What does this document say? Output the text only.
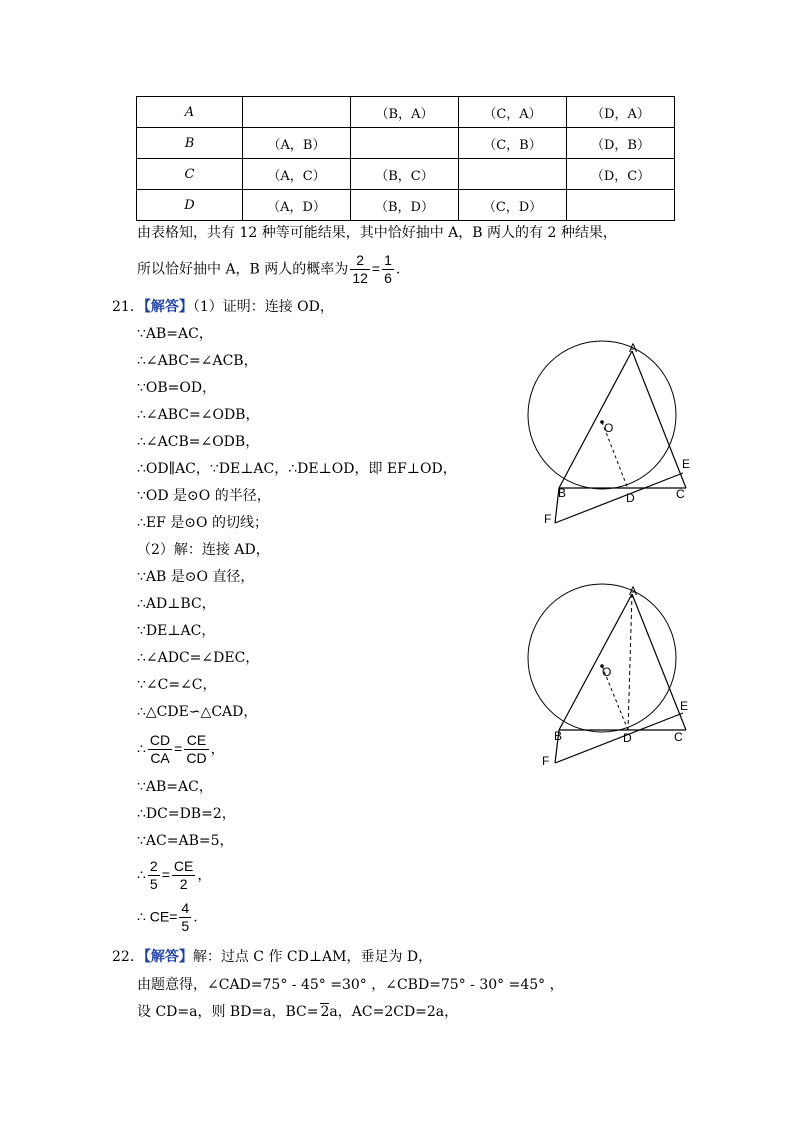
A		（B，A）	（C，A）	（D，A）
B	（A，B）		（C，B）	（D，B）
C	（A，C）	（B，C）		（D，C）
D	（A，D）	（B，D）	（C，D）	
由表格知，共有 12 种等可能结果，其中恰好抽中 A，B 两人的有 2 种结果，
所以恰好抽中 A，B 两人的概率为 $\frac{2}{12} = \frac{1}{6}$ .
21．【解答】（1）证明：连接 OD，
∵AB=AC，
∴∠ABC=∠ACB，
∵OB=OD，
∴∠ABC=∠ODB，
∴∠ACB=∠ODB，
∴OD∥AC，∵DE⊥AC，∴DE⊥OD，即 EF⊥OD，
∵OD 是⊙O 的半径，
∴EF 是⊙O 的切线；
（2）解：连接 AD，
∵AB 是⊙O 直径，
∴AD⊥BC，
∵DE⊥AC，
∴∠ADC=∠DEC，
∵∠C=∠C，
∴△CDE∽△CAD，
∴ $\frac{CD}{CA} = \frac{CE}{CD}$ ，
∵AB=AC，
∴DC=DB=2，
∵AC=AB=5，
∴ $\frac{2}{5} = \frac{CE}{2}$ ，
∴ $CE= \frac{4}{5}$ .
22．【解答】解：过点 C 作 CD⊥AM，垂足为 D，
由题意得，∠CAD=75° - 45° =30° ，∠CBD=75° - 30° =45° ，
设 CD=a，则 BD=a，BC= 2a，AC=2CD=2a，
A
O
E
B	D	C
F
A
O
E
B	D	C
F
